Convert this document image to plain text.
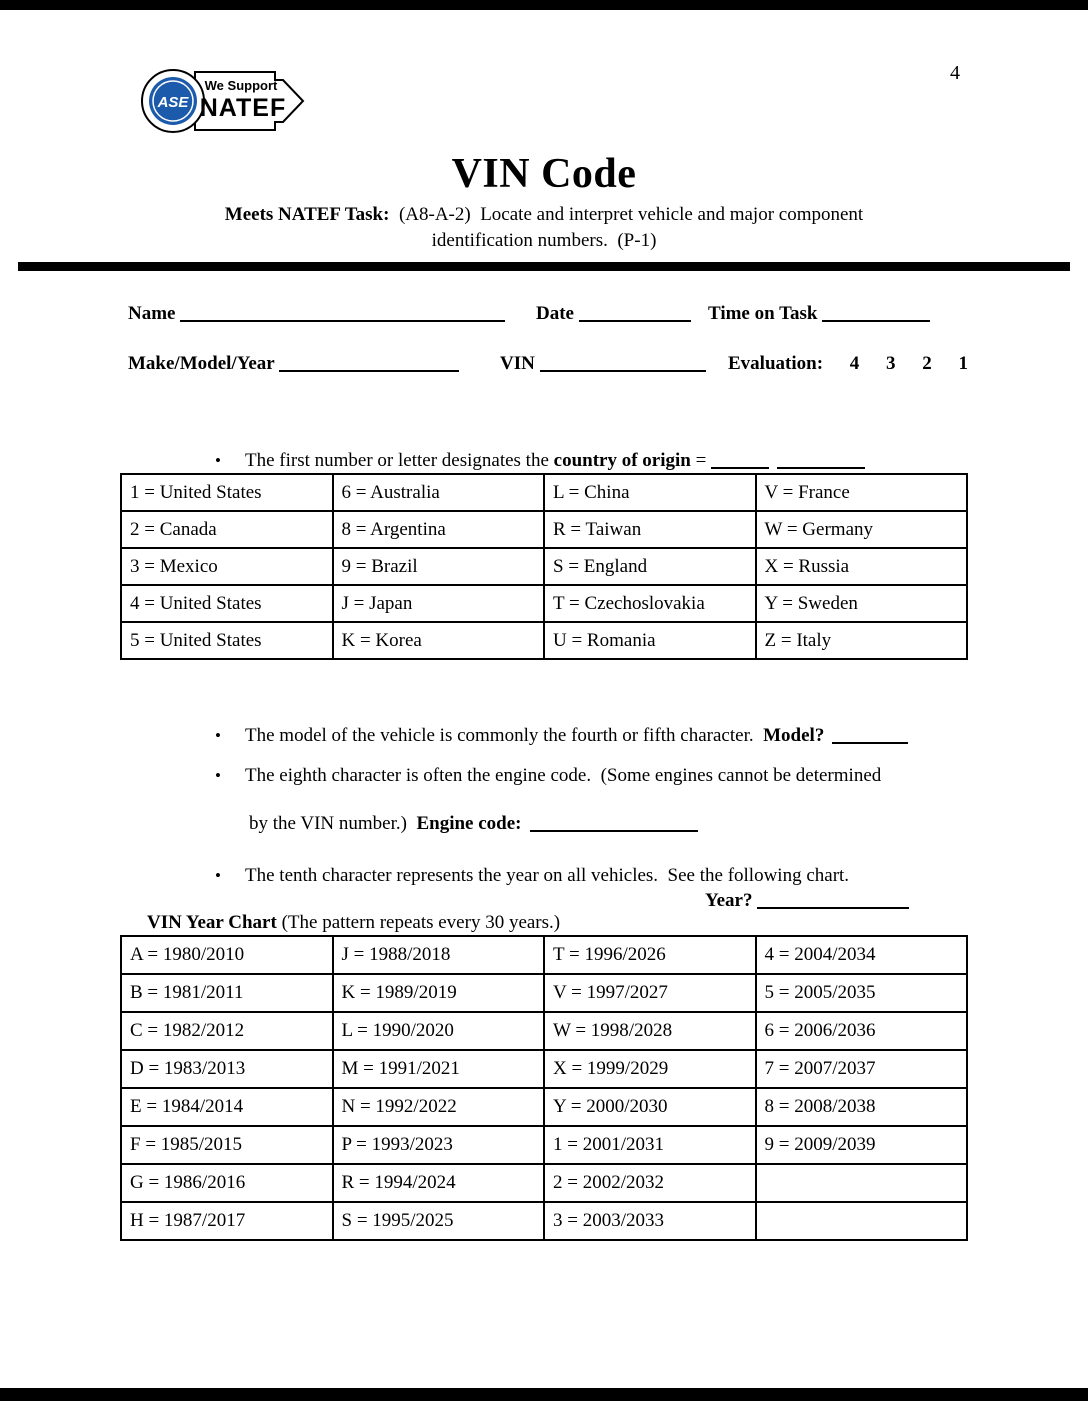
ASE
We Support
NATEF
4
VIN Code
Meets NATEF Task:  (A8-A-2)  Locate and interpret vehicle and major component
identification numbers.  (P-1)
Name	Date	Time on Task
Make/Model/Year	VIN	Evaluation: 4 3 2 1

• The first number or letter designates the country of origin =

1 = United States	6 = Australia	L = China	V = France
2 = Canada	8 = Argentina	R = Taiwan	W = Germany
3 = Mexico	9 = Brazil	S = England	X = Russia
4 = United States	J = Japan	T = Czechoslovakia	Y = Sweden
5 = United States	K = Korea	U = Romania	Z = Italy

• The model of the vehicle is commonly the fourth or fifth character.  Model?

• The eighth character is often the engine code.  (Some engines cannot be determined

by the VIN number.)  Engine code:

• The tenth character represents the year on all vehicles.  See the following chart.

VIN Year Chart (The pattern repeats every 30 years.)

Year?

A = 1980/2010	J = 1988/2018	T = 1996/2026	4 = 2004/2034
B = 1981/2011	K = 1989/2019	V = 1997/2027	5 = 2005/2035
C = 1982/2012	L = 1990/2020	W = 1998/2028	6 = 2006/2036
D = 1983/2013	M = 1991/2021	X = 1999/2029	7 = 2007/2037
E = 1984/2014	N = 1992/2022	Y = 2000/2030	8 = 2008/2038
F = 1985/2015	P = 1993/2023	1 = 2001/2031	9 = 2009/2039
G = 1986/2016	R = 1994/2024	2 = 2002/2032	
H = 1987/2017	S = 1995/2025	3 = 2003/2033	
